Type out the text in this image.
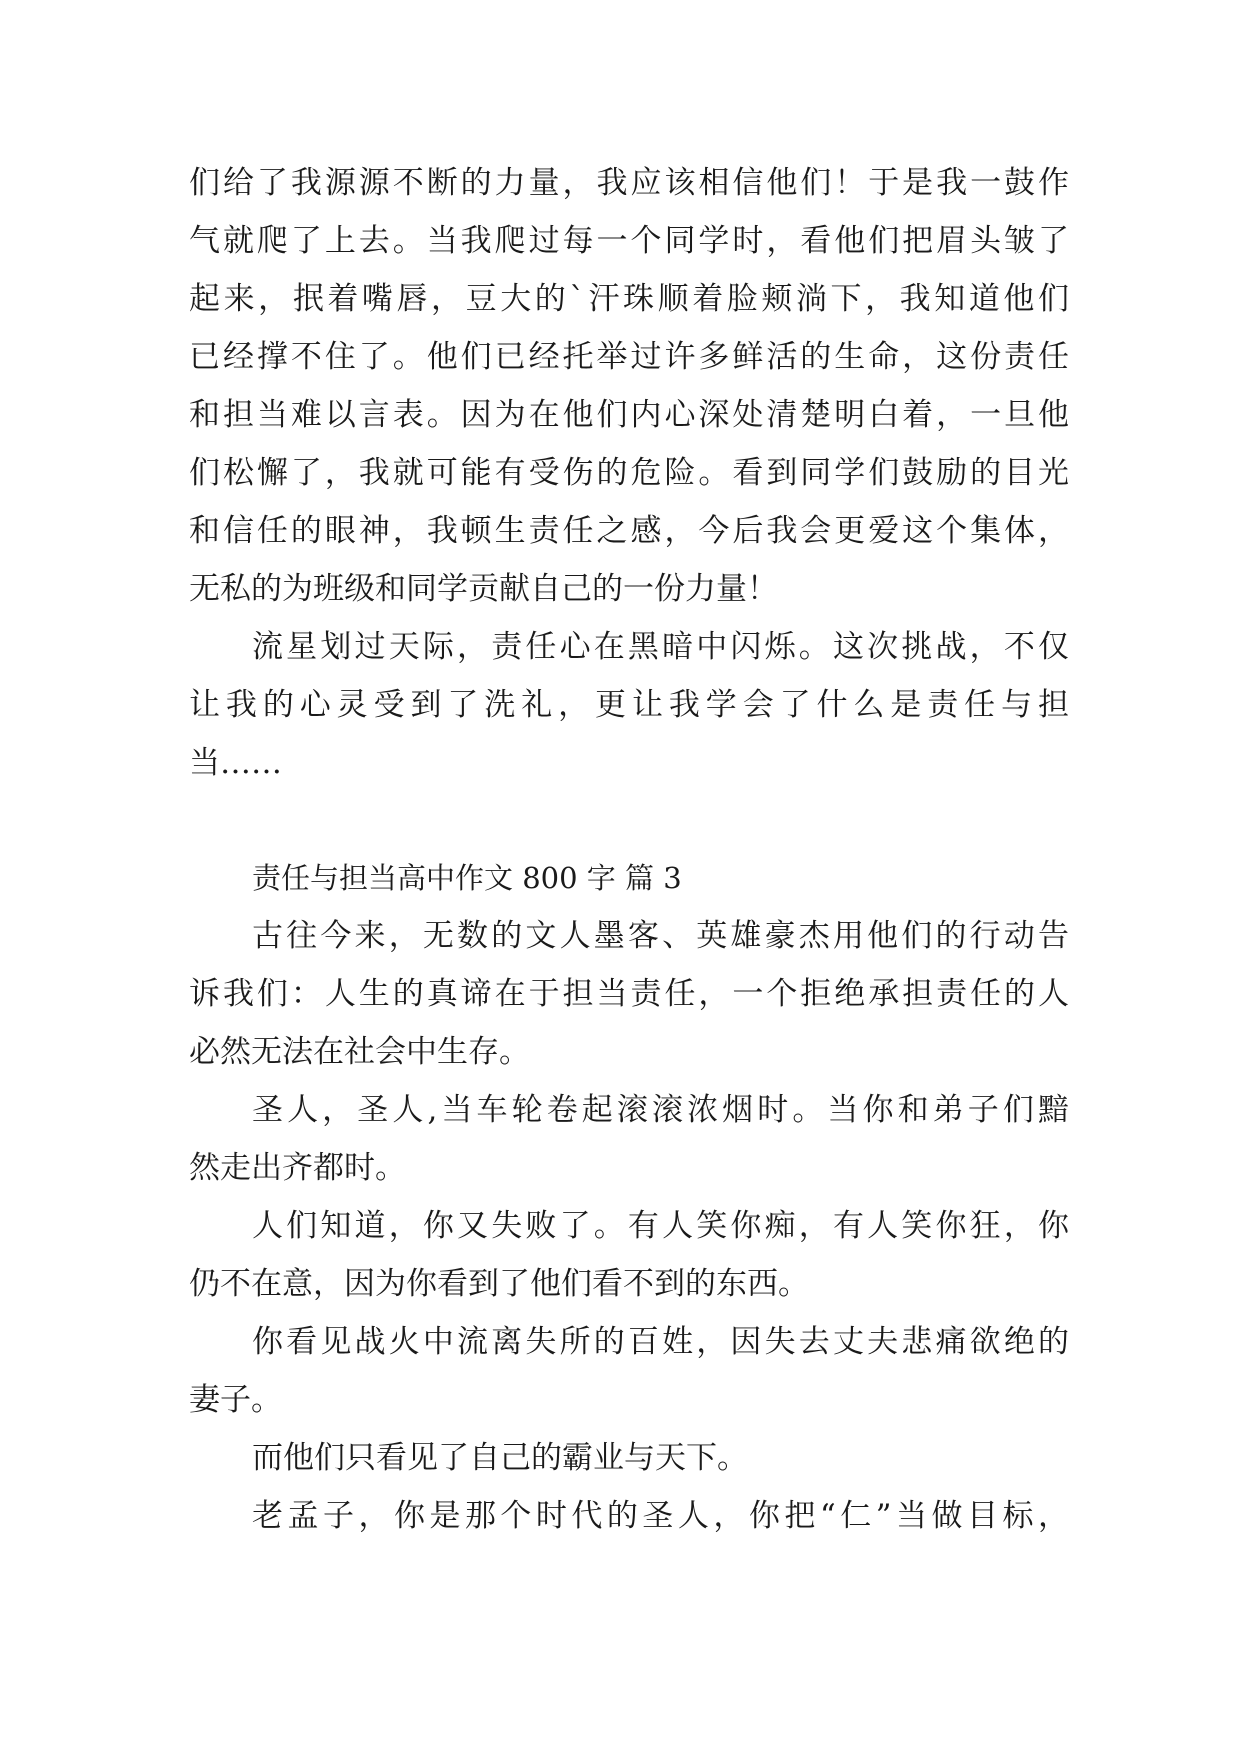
们给了我源源不断的力量，我应该相信他们！于是我一鼓作
气就爬了上去。当我爬过每一个同学时，看他们把眉头皱了
起来，抿着嘴唇，豆大的`汗珠顺着脸颊淌下，我知道他们
已经撑不住了。他们已经托举过许多鲜活的生命，这份责任
和担当难以言表。因为在他们内心深处清楚明白着，一旦他
们松懈了，我就可能有受伤的危险。看到同学们鼓励的目光
和信任的眼神，我顿生责任之感，今后我会更爱这个集体，
无私的为班级和同学贡献自己的一份力量！
流星划过天际，责任心在黑暗中闪烁。这次挑战，不仅
让我的心灵受到了洗礼，更让我学会了什么是责任与担
当……
责任与担当高中作文 800 字 篇 3
古往今来，无数的文人墨客、英雄豪杰用他们的行动告
诉我们：人生的真谛在于担当责任，一个拒绝承担责任的人
必然无法在社会中生存。
圣人，圣人,当车轮卷起滚滚浓烟时。当你和弟子们黯
然走出齐都时。
人们知道，你又失败了。有人笑你痴，有人笑你狂，你
仍不在意，因为你看到了他们看不到的东西。
你看见战火中流离失所的百姓，因失去丈夫悲痛欲绝的
妻子。
而他们只看见了自己的霸业与天下。
老孟子，你是那个时代的圣人，你把“仁”当做目标，
